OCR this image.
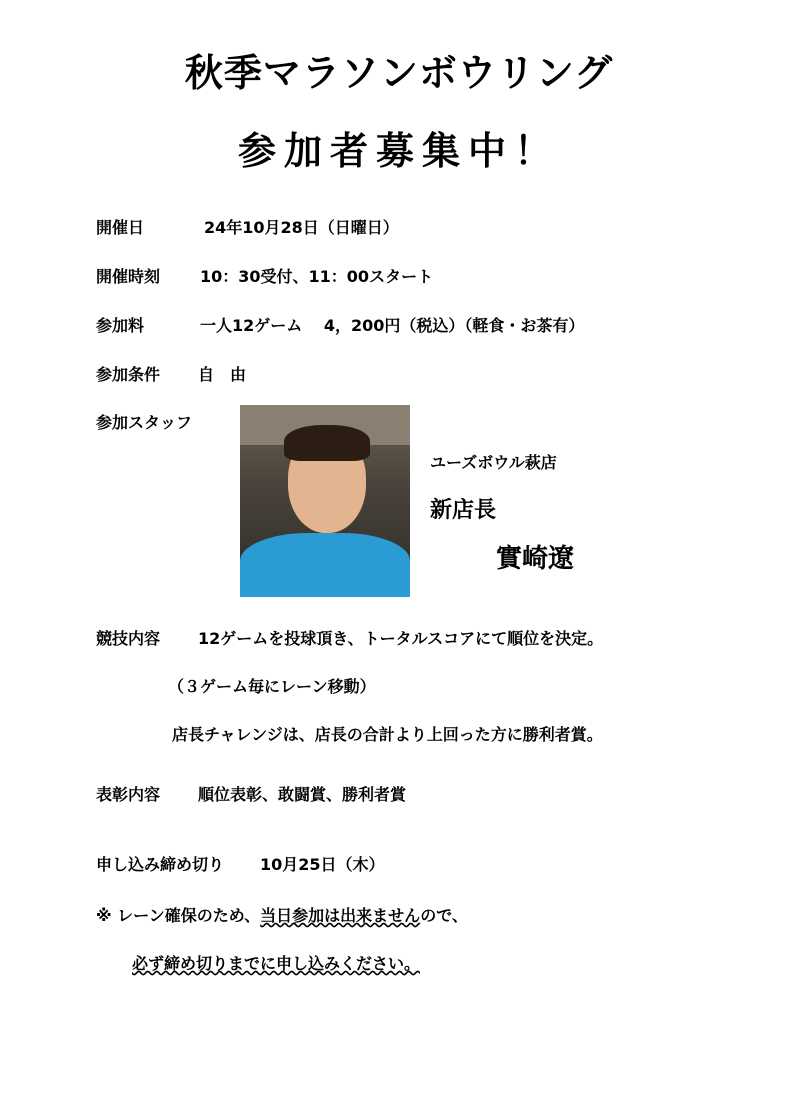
秋季マラソンボウリング
参加者募集中！
開催日	24年10月28日（日曜日）
開催時刻 10：30受付、11：00スタート
参加料	一人12ゲーム　 4，200円（税込）（軽食・お茶有）
参加条件 自　由
参加スタッフ
ユーズボウル萩店
新店長
實崎遼
競技内容 12ゲームを投球頂き、トータルスコアにて順位を決定。
（３ゲーム毎にレーン移動）
店長チャレンジは、店長の合計より上回った方に勝利者賞。
表彰内容 順位表彰、敢闘賞、勝利者賞
申し込み締め切り 10月25日（木）
※ レーン確保のため、当日参加は出来ませんので、
必ず締め切りまでに申し込みください。
